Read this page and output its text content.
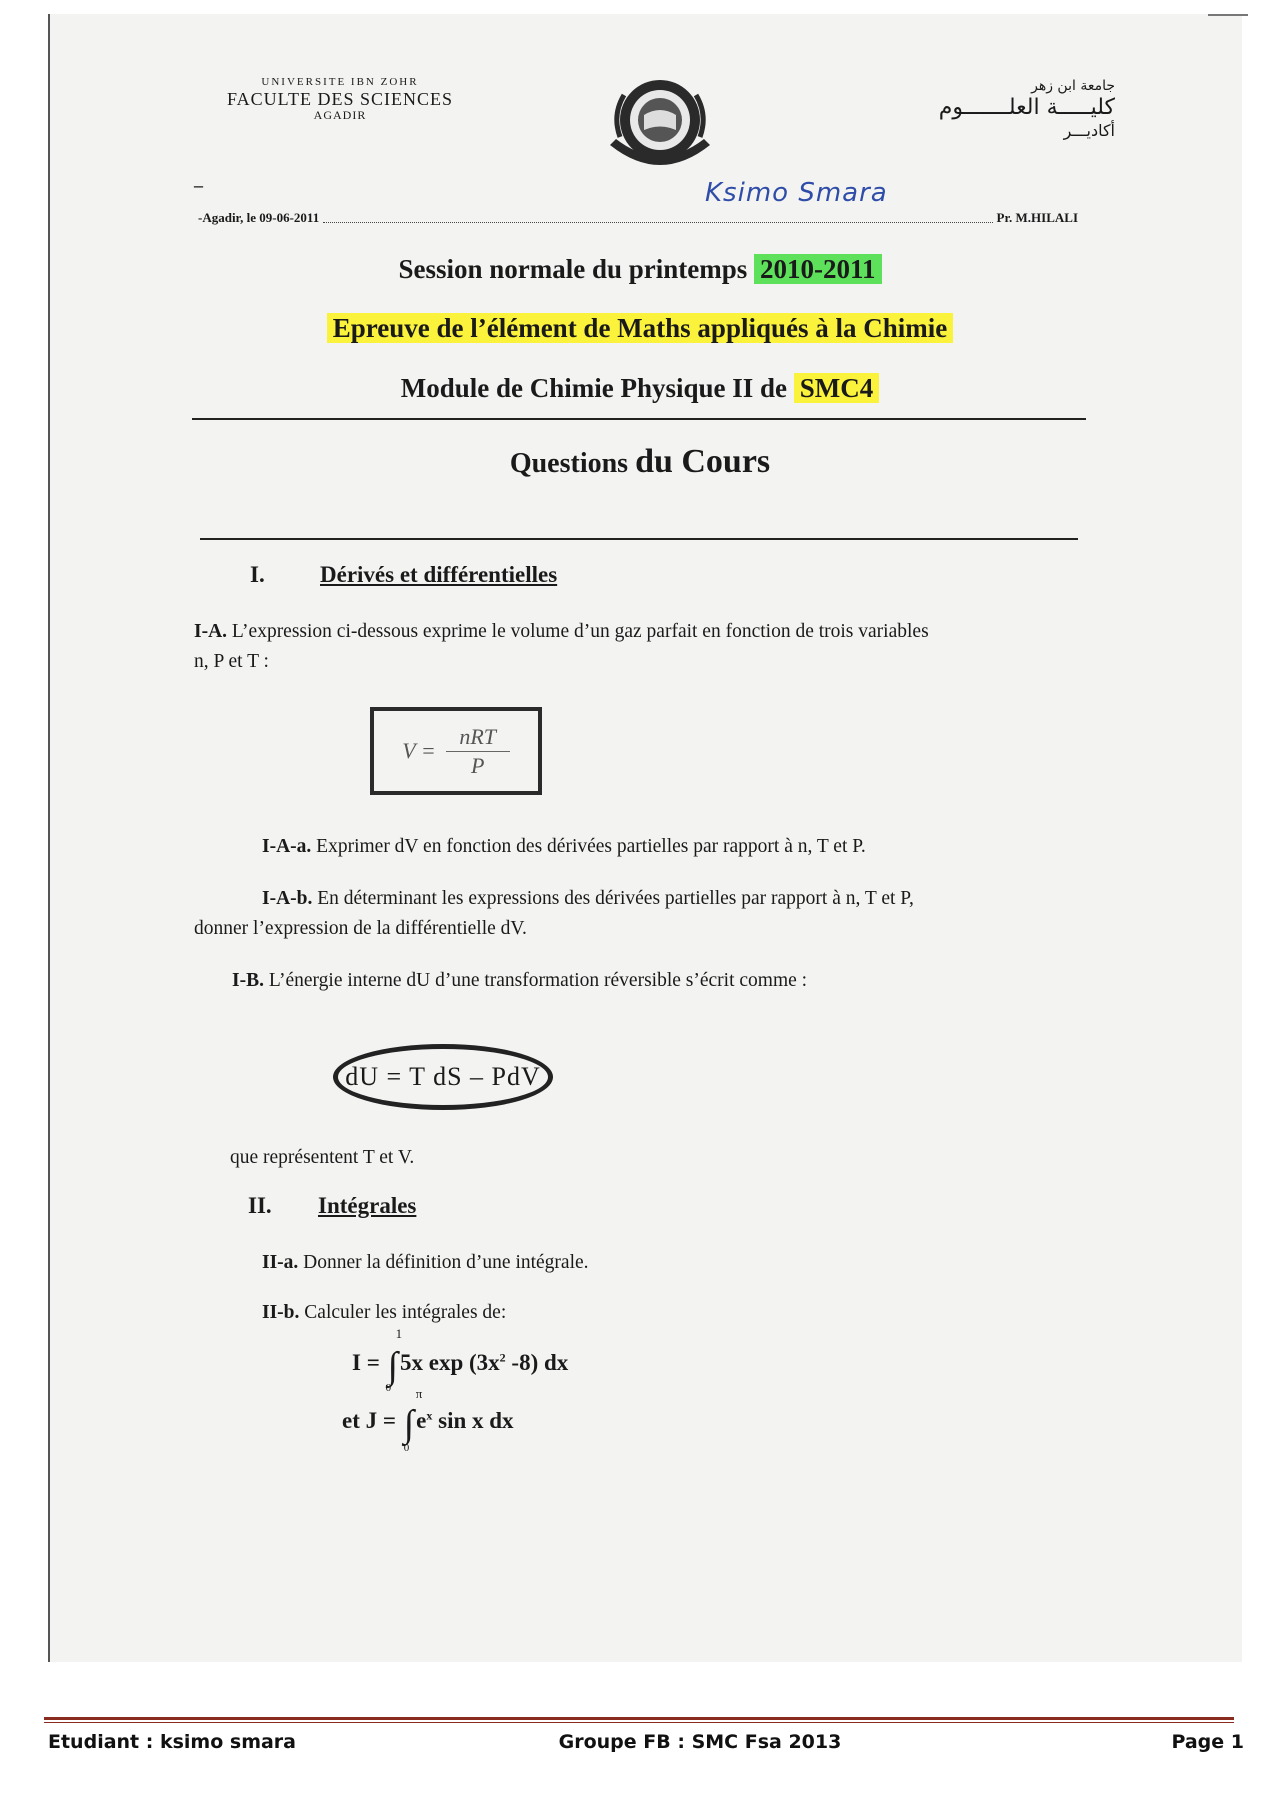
UNIVERSITE IBN ZOHR
FACULTE DES SCIENCES
AGADIR
جامعة ابن زهر
كليـــــة العلـــــــوم
أكاديـــر
–	Ksimo Smara
-Agadir, le 09-06-2011	Pr. M.HILALI
Session normale du printemps 2010-2011
Epreuve de l’élément de Maths appliqués à la Chimie
Module de Chimie Physique II de SMC4
Questions du Cours
I. Dérivés et différentielles
I-A. L’expression ci-dessous exprime le volume d’un gaz parfait en fonction de trois variables
n, P et T :
$V = \frac{\text{nRT}}{P}$
I-A-a. Exprimer dV en fonction des dérivées partielles par rapport à n, T et P.
I-A-b. En déterminant les expressions des dérivées partielles par rapport à n, T et P,
donner l’expression de la différentielle dV.
I-B. L’énergie interne dU d’une transformation réversible s’écrit comme :
dU = T dS – PdV
que représentent T et V.
II. Intégrales
II-a. Donner la définition d’une intégrale.
II-b. Calculer les intégrales de:
I = ∫
1
0
5x $\exp (3x^2$ -8) dx
et J = ∫
π
0
$e^x$ sin x dx
Etudiant : ksimo smara	Groupe FB : SMC Fsa 2013	Page 1
